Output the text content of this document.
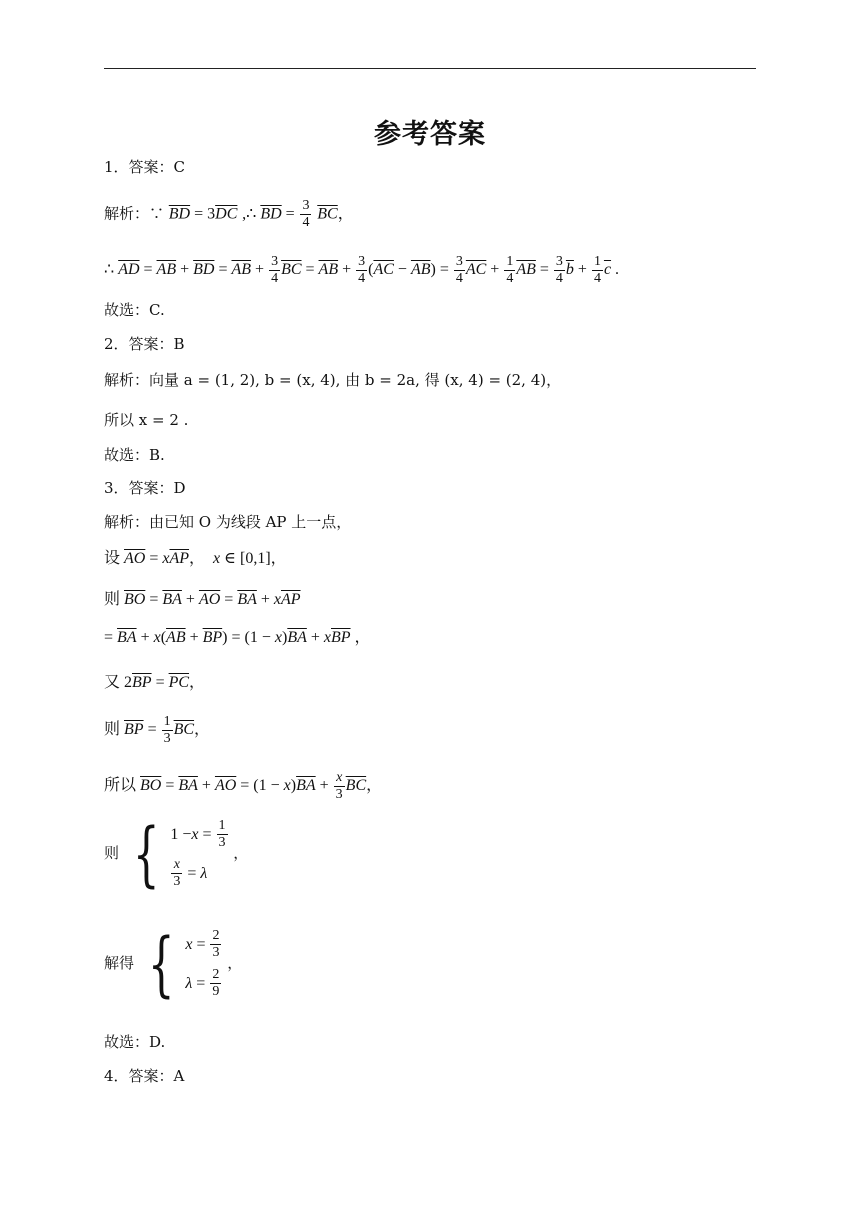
参考答案
1．答案：C
解析：∵ $\overline{BD} = 3\overline{DC}$ ,∴ $\overline{BD} = \frac{3}{4} \overline{BC}$，
∴ $\overline{AD} = \overline{AB} + \overline{BD} = \overline{AB} + \frac{3}{4} \overline{BC} = \overline{AB} + \frac{3}{4} (\overline{AC} - \overline{AB}) = \frac{3}{4} \overline{AC} + \frac{1}{4} \overline{AB} = \frac{3}{4} \overline{b} + \frac{1}{4} \overline{c}$ .
故选：C.
2．答案：B
解析：向量 a = (1, 2), b = (x, 4), 由 b = 2a, 得 (x, 4) = (2, 4)，
所以 x = 2 .
故选：B.
3．答案：D
解析：由已知 O 为线段 AP 上一点，
设 $\overline{AO} = x\overline{AP}$，  x ∈ [0,1]，
则 $\overline{BO} = \overline{BA} + \overline{AO} = \overline{BA} + x\overline{AP}$
= $\overline{BA} + x(\overline{AB} + \overline{BP}) = (1 - x)\overline{BA} + x\overline{BP}$ ，
又 $2\overline{BP} = \overline{PC}$，
则 $\overline{BP} = \frac{1}{3} \overline{BC}$，
所以 $\overline{BO} = \overline{BA} + \overline{AO} = (1 - x)\overline{BA} + \frac{x}{3} \overline{BC}$，
则 { $1 - x = \frac{1}{3}$
$\frac{x}{3} = \lambda$
，
解得 { $x = \frac{2}{3}$
$\lambda = \frac{2}{9}$
，
故选：D.
4．答案：A
